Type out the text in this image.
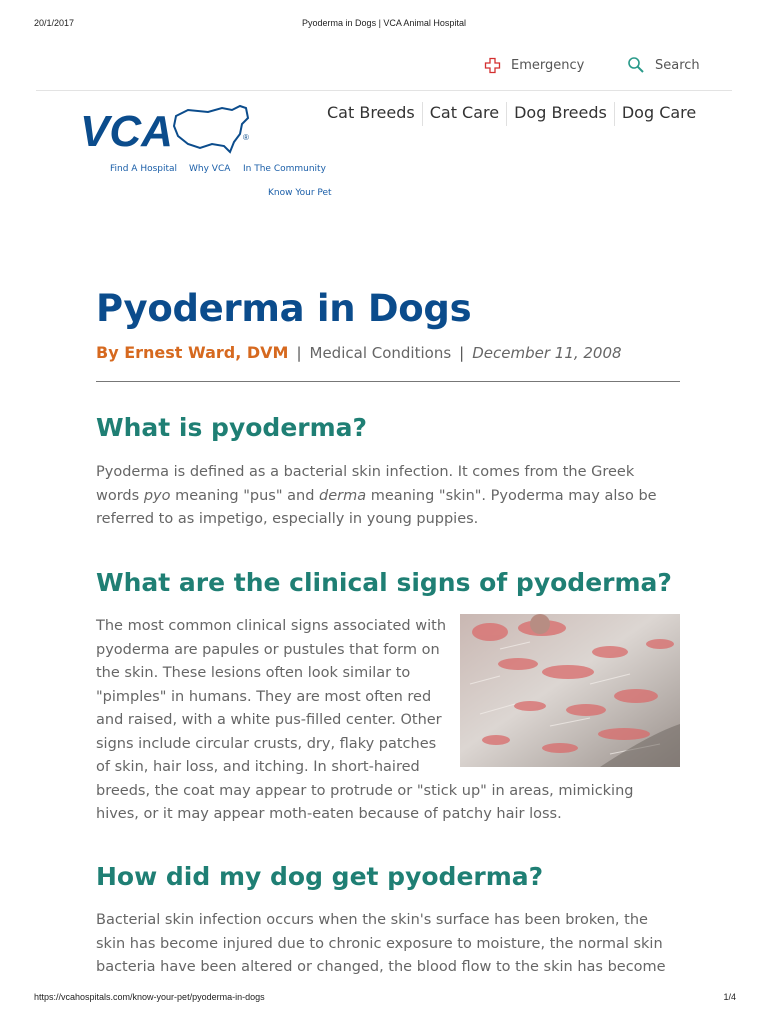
20/1/2017	Pyoderma in Dogs | VCA Animal Hospital
Emergency	Search
VCA	®
Find A Hospital Why VCA In The Community
Know Your Pet
Cat Breeds Cat Care Dog Breeds Dog Care
Pyoderma in Dogs
By Ernest Ward, DVM | Medical Conditions | December 11, 2008
What is pyoderma?

Pyoderma is defined as a bacterial skin infection. It comes from the Greek words pyo meaning "pus" and derma meaning "skin". Pyoderma may also be referred to as impetigo, especially in young puppies.

What are the clinical signs of pyoderma?

The most common clinical signs associated with pyoderma are papules or pustules that form on the skin. These lesions often look similar to "pimples" in humans. They are most often red and raised, with a white pus-filled center. Other signs include circular crusts, dry, flaky patches of skin, hair loss, and itching. In short-haired breeds, the coat may appear to protrude or "stick up" in areas, mimicking hives, or it may appear moth-eaten because of patchy hair loss.

How did my dog get pyoderma?

Bacterial skin infection occurs when the skin's surface has been broken, the skin has become injured due to chronic exposure to moisture, the normal skin bacteria have been altered or changed, the blood flow to the skin has become

https://vcahospitals.com/know-your-pet/pyoderma-in-dogs	1/4
